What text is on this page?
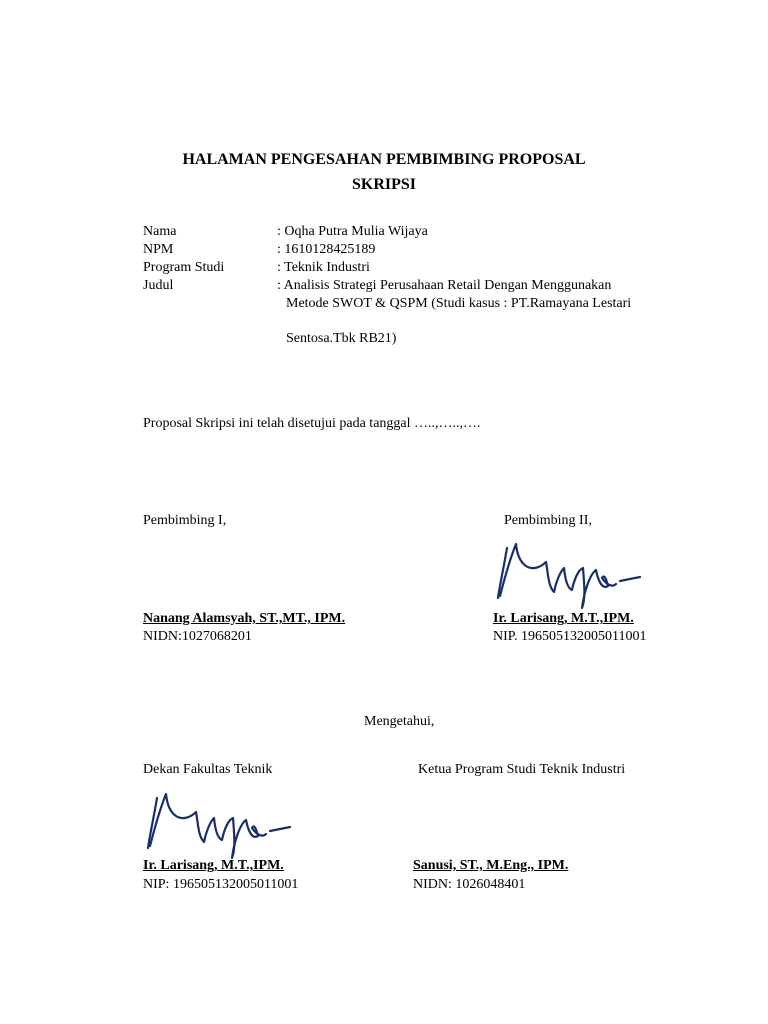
HALAMAN PENGESAHAN PEMBIMBING PROPOSAL
SKRIPSI
Nama	: Oqha Putra Mulia Wijaya
NPM	: 1610128425189
Program Studi	: Teknik Industri
Judul	: Analisis Strategi Perusahaan Retail Dengan Menggunakan
Metode SWOT & QSPM (Studi kasus : PT.Ramayana Lestari
Sentosa.Tbk RB21)
Proposal Skripsi ini telah disetujui pada tanggal …..,…..,….
Pembimbing I,	Pembimbing II,
Nanang Alamsyah, ST.,MT., IPM.	Ir. Larisang, M.T.,IPM.
NIDN:1027068201	NIP. 196505132005011001
Mengetahui,
Dekan Fakultas Teknik	Ketua Program Studi Teknik Industri
Ir. Larisang, M.T.,IPM.	Sanusi, ST., M.Eng., IPM.
NIP: 196505132005011001	NIDN: 1026048401
